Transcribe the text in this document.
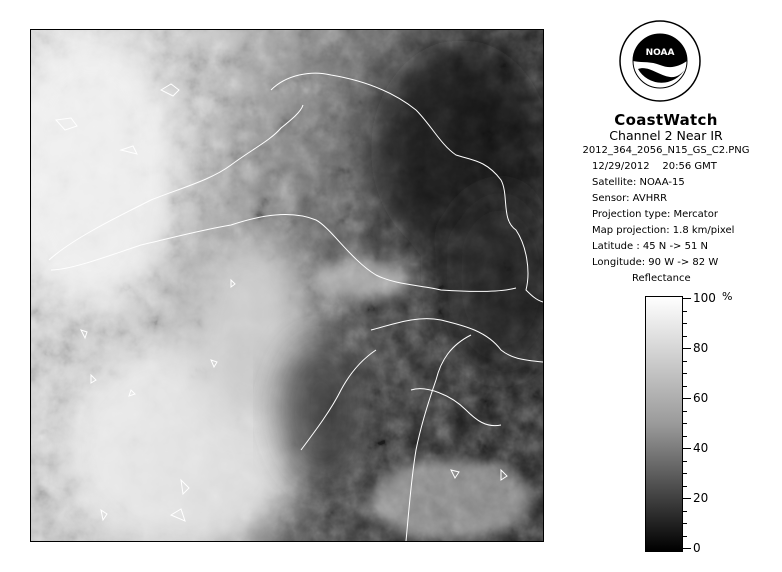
NOAA
CoastWatch
Channel 2 Near IR
2012_364_2056_N15_GS_C2.PNG
12/29/2012 20:56 GMT
Satellite: NOAA-15
Sensor: AVHRR
Projection type: Mercator
Map projection: 1.8 km/pixel
Latitude : 45 N -> 51 N
Longitude: 90 W -> 82 W
Reflectance
%
100
80
60
40
20
0
